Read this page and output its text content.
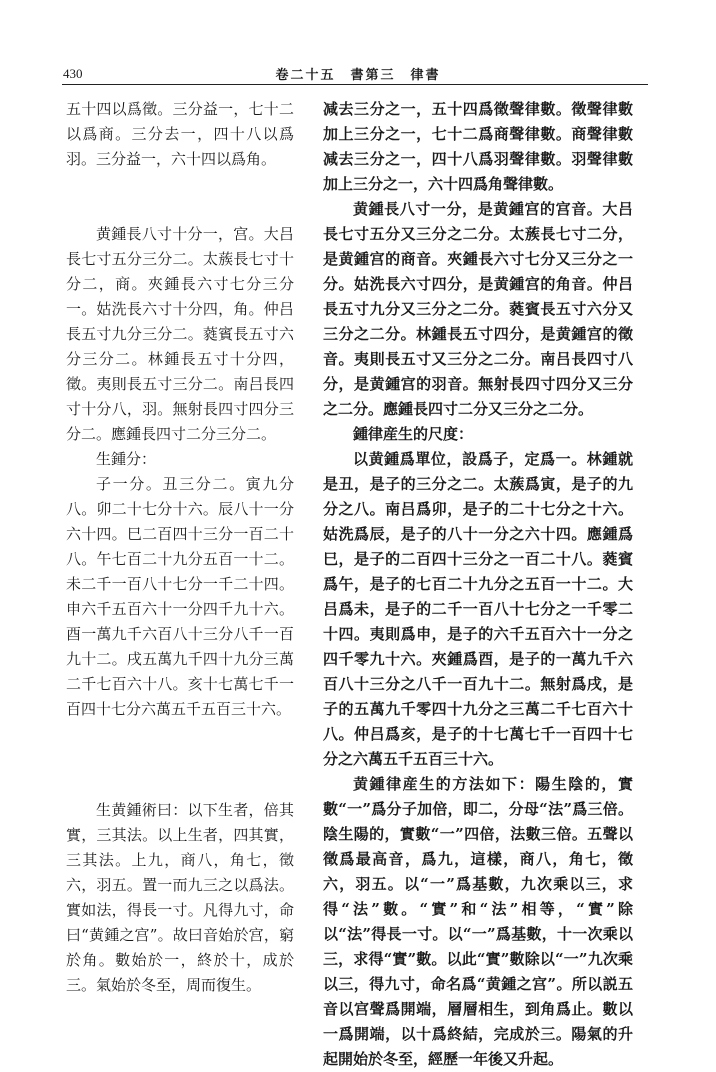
430	卷二十五　書第三　律書
五十四以爲徵。三分益一，七十二以爲商。三分去一，四十八以爲羽。三分益一，六十四以爲角。
黄鍾長八寸十分一，宫。大吕長七寸五分三分二。太蔟長七寸十分二，商。夾鍾長六寸七分三分一。姑洗長六寸十分四，角。仲吕長五寸九分三分二。蕤賓長五寸六分三分二。林鍾長五寸十分四，徵。夷則長五寸三分二。南吕長四寸十分八，羽。無射長四寸四分三分二。應鍾長四寸二分三分二。
生鍾分：
子一分。丑三分二。寅九分八。卯二十七分十六。辰八十一分六十四。巳二百四十三分一百二十八。午七百二十九分五百一十二。未二千一百八十七分一千二十四。申六千五百六十一分四千九十六。酉一萬九千六百八十三分八千一百九十二。戌五萬九千四十九分三萬二千七百六十八。亥十七萬七千一百四十七分六萬五千五百三十六。
生黄鍾術曰：以下生者，倍其實，三其法。以上生者，四其實，三其法。上九，商八，角七，徵六，羽五。置一而九三之以爲法。實如法，得長一寸。凡得九寸，命曰“黄鍾之宫”。故曰音始於宫，窮於角。數始於一，終於十，成於三。氣始於冬至，周而復生。
减去三分之一，五十四爲徵聲律數。徵聲律數加上三分之一，七十二爲商聲律數。商聲律數减去三分之一，四十八爲羽聲律數。羽聲律數加上三分之一，六十四爲角聲律數。
黄鍾長八寸一分，是黄鍾宫的宫音。大吕長七寸五分又三分之二分。太蔟長七寸二分，是黄鍾宫的商音。夾鍾長六寸七分又三分之一分。姑洗長六寸四分，是黄鍾宫的角音。仲吕長五寸九分又三分之二分。蕤賓長五寸六分又三分之二分。林鍾長五寸四分，是黄鍾宫的徵音。夷則長五寸又三分之二分。南吕長四寸八分，是黄鍾宫的羽音。無射長四寸四分又三分之二分。應鍾長四寸二分又三分之二分。
鍾律産生的尺度：
以黄鍾爲單位，設爲子，定爲一。林鍾就是丑，是子的三分之二。太蔟爲寅，是子的九分之八。南吕爲卯，是子的二十七分之十六。姑洗爲辰，是子的八十一分之六十四。應鍾爲巳，是子的二百四十三分之一百二十八。蕤賓爲午，是子的七百二十九分之五百一十二。大吕爲未，是子的二千一百八十七分之一千零二十四。夷則爲申，是子的六千五百六十一分之四千零九十六。夾鍾爲酉，是子的一萬九千六百八十三分之八千一百九十二。無射爲戌，是子的五萬九千零四十九分之三萬二千七百六十八。仲吕爲亥，是子的十七萬七千一百四十七分之六萬五千五百三十六。
黄鍾律産生的方法如下：陽生陰的，實數“一”爲分子加倍，即二，分母“法”爲三倍。陰生陽的，實數“一”四倍，法數三倍。五聲以徵爲最高音，爲九，這樣，商八，角七，徵六，羽五。以“一”爲基數，九次乘以三，求得“法”數。“實”和“法”相等，“實”除以“法”得長一寸。以“一”爲基數，十一次乘以三，求得“實”數。以此“實”數除以“一”九次乘以三，得九寸，命名爲“黄鍾之宫”。所以説五音以宫聲爲開端，層層相生，到角爲止。數以一爲開端，以十爲終結，完成於三。陽氣的升起開始於冬至，經歷一年後又升起。
